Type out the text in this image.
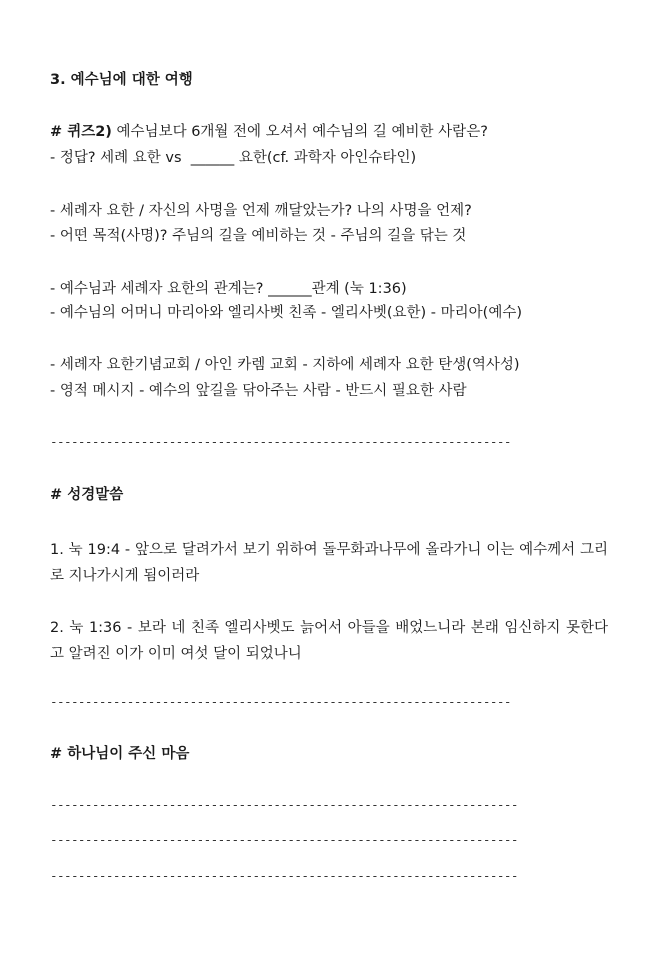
3. 예수님에 대한 여행
# 퀴즈2) 예수님보다 6개월 전에 오셔서 예수님의 길 예비한 사람은?
- 정답? 세례 요한 vs  ______ 요한(cf. 과학자 아인슈타인)
- 세례자 요한 / 자신의 사명을 언제 깨달았는가? 나의 사명을 언제?
- 어떤 목적(사명)? 주님의 길을 예비하는 것 - 주님의 길을 닦는 것
- 예수님과 세례자 요한의 관계는? ______관계 (눅 1:36)
- 예수님의 어머니 마리아와 엘리사벳 친족 - 엘리사벳(요한) - 마리아(예수)
- 세례자 요한기념교회 / 아인 카렘 교회 - 지하에 세례자 요한 탄생(역사성)
- 영적 메시지 - 예수의 앞길을 닦아주는 사람 - 반드시 필요한 사람
------------------------------------------------------------------
# 성경말씀
1. 눅 19:4 - 앞으로 달려가서 보기 위하여 돌무화과나무에 올라가니 이는 예수께서 그리로 지나가시게 됨이러라
2. 눅 1:36 - 보라 네 친족 엘리사벳도 늙어서 아들을 배었느니라 본래 임신하지 못한다고 알려진 이가 이미 여섯 달이 되었나니
------------------------------------------------------------------
# 하나님이 주신 마음
-------------------------------------------------------------------
-------------------------------------------------------------------
-------------------------------------------------------------------
